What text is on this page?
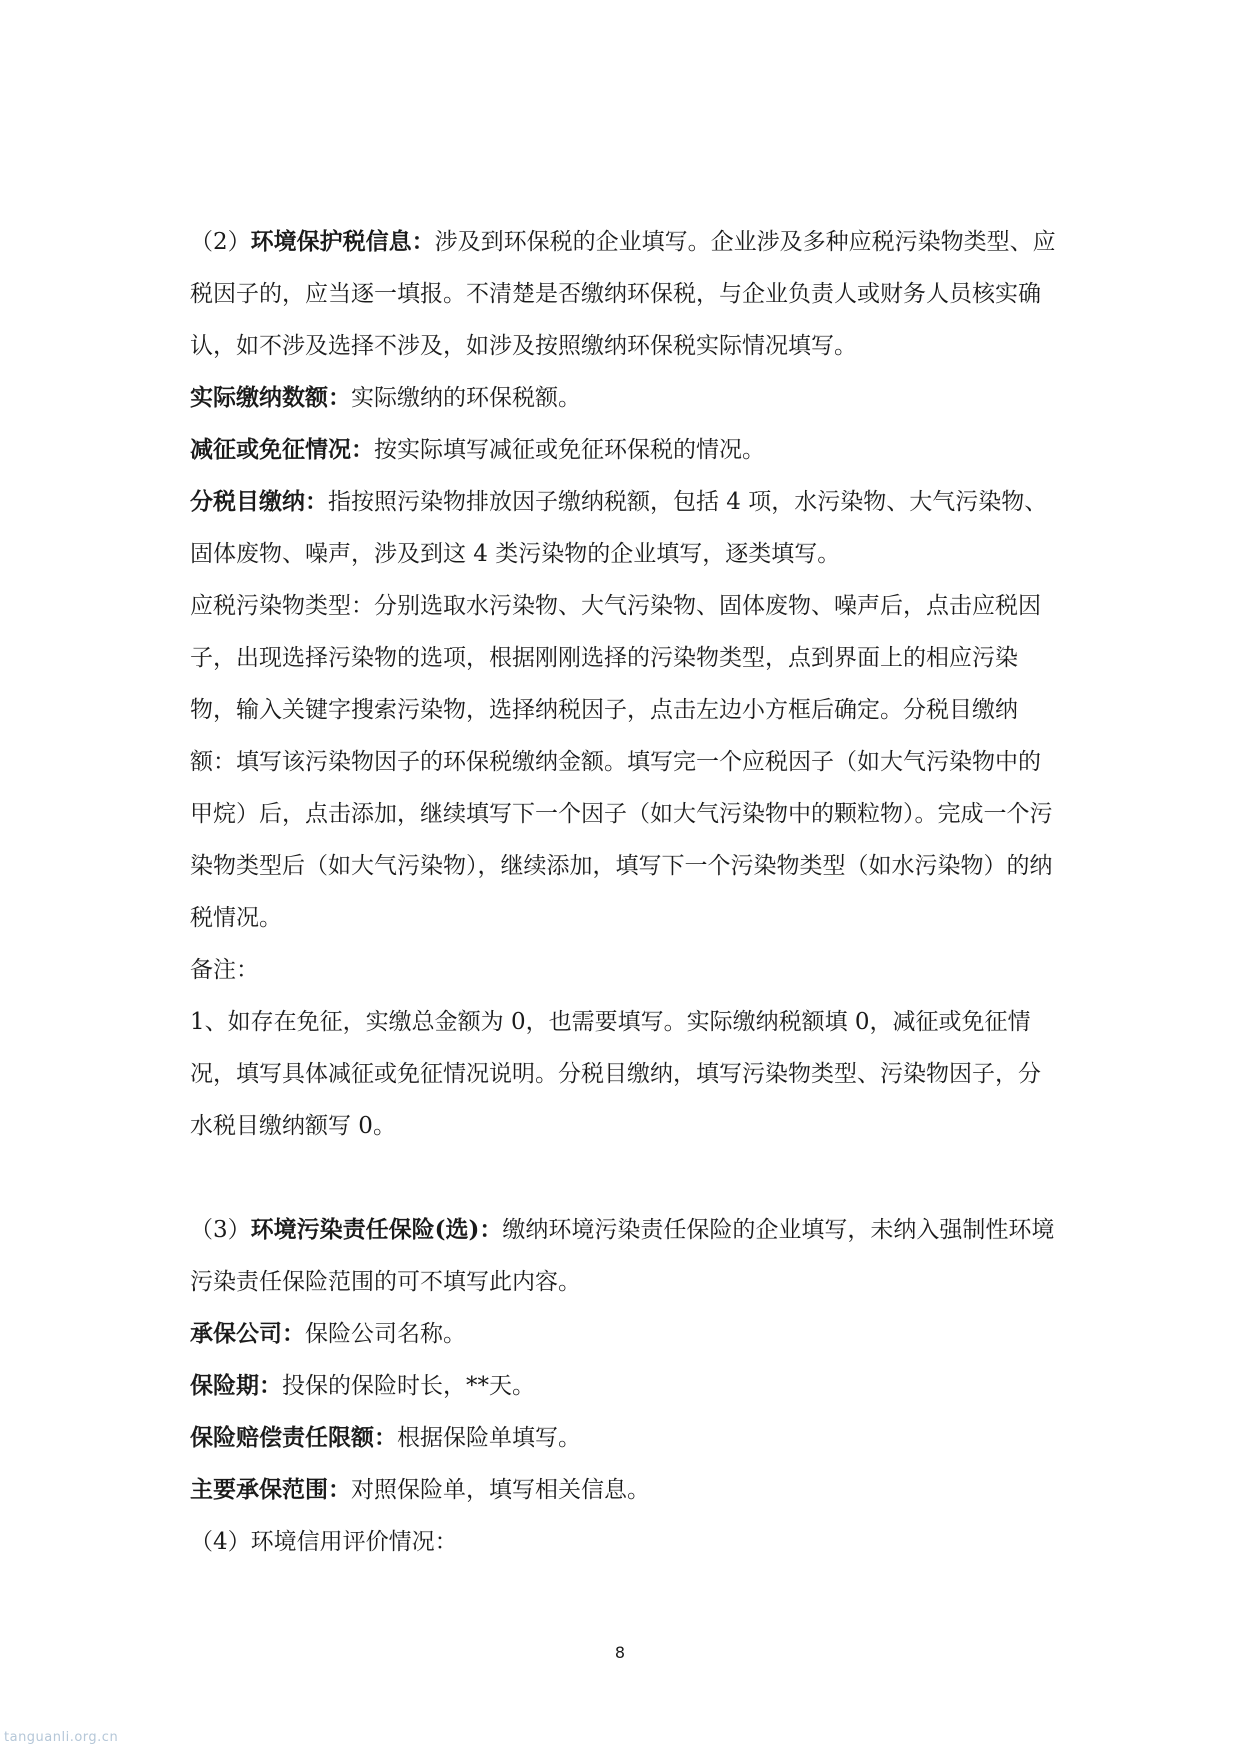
（2）环境保护税信息：涉及到环保税的企业填写。企业涉及多种应税污染物类型、应税因子的，应当逐一填报。不清楚是否缴纳环保税，与企业负责人或财务人员核实确认，如不涉及选择不涉及，如涉及按照缴纳环保税实际情况填写。

实际缴纳数额：实际缴纳的环保税额。

减征或免征情况：按实际填写减征或免征环保税的情况。

分税目缴纳：指按照污染物排放因子缴纳税额，包括 4 项，水污染物、大气污染物、固体废物、噪声，涉及到这 4 类污染物的企业填写，逐类填写。

应税污染物类型：分别选取水污染物、大气污染物、固体废物、噪声后，点击应税因子，出现选择污染物的选项，根据刚刚选择的污染物类型，点到界面上的相应污染物，输入关键字搜索污染物，选择纳税因子，点击左边小方框后确定。分税目缴纳额：填写该污染物因子的环保税缴纳金额。填写完一个应税因子（如大气污染物中的甲烷）后，点击添加，继续填写下一个因子（如大气污染物中的颗粒物）。完成一个污染物类型后（如大气污染物），继续添加，填写下一个污染物类型（如水污染物）的纳税情况。

备注：

1、如存在免征，实缴总金额为 0，也需要填写。实际缴纳税额填 0，减征或免征情况，填写具体减征或免征情况说明。分税目缴纳，填写污染物类型、污染物因子，分水税目缴纳额写 0。

（3）环境污染责任保险(选)：缴纳环境污染责任保险的企业填写，未纳入强制性环境污染责任保险范围的可不填写此内容。

承保公司：保险公司名称。

保险期：投保的保险时长，**天。

保险赔偿责任限额：根据保险单填写。

主要承保范围：对照保险单，填写相关信息。

（4）环境信用评价情况：

8
tanguanli.org.cn
